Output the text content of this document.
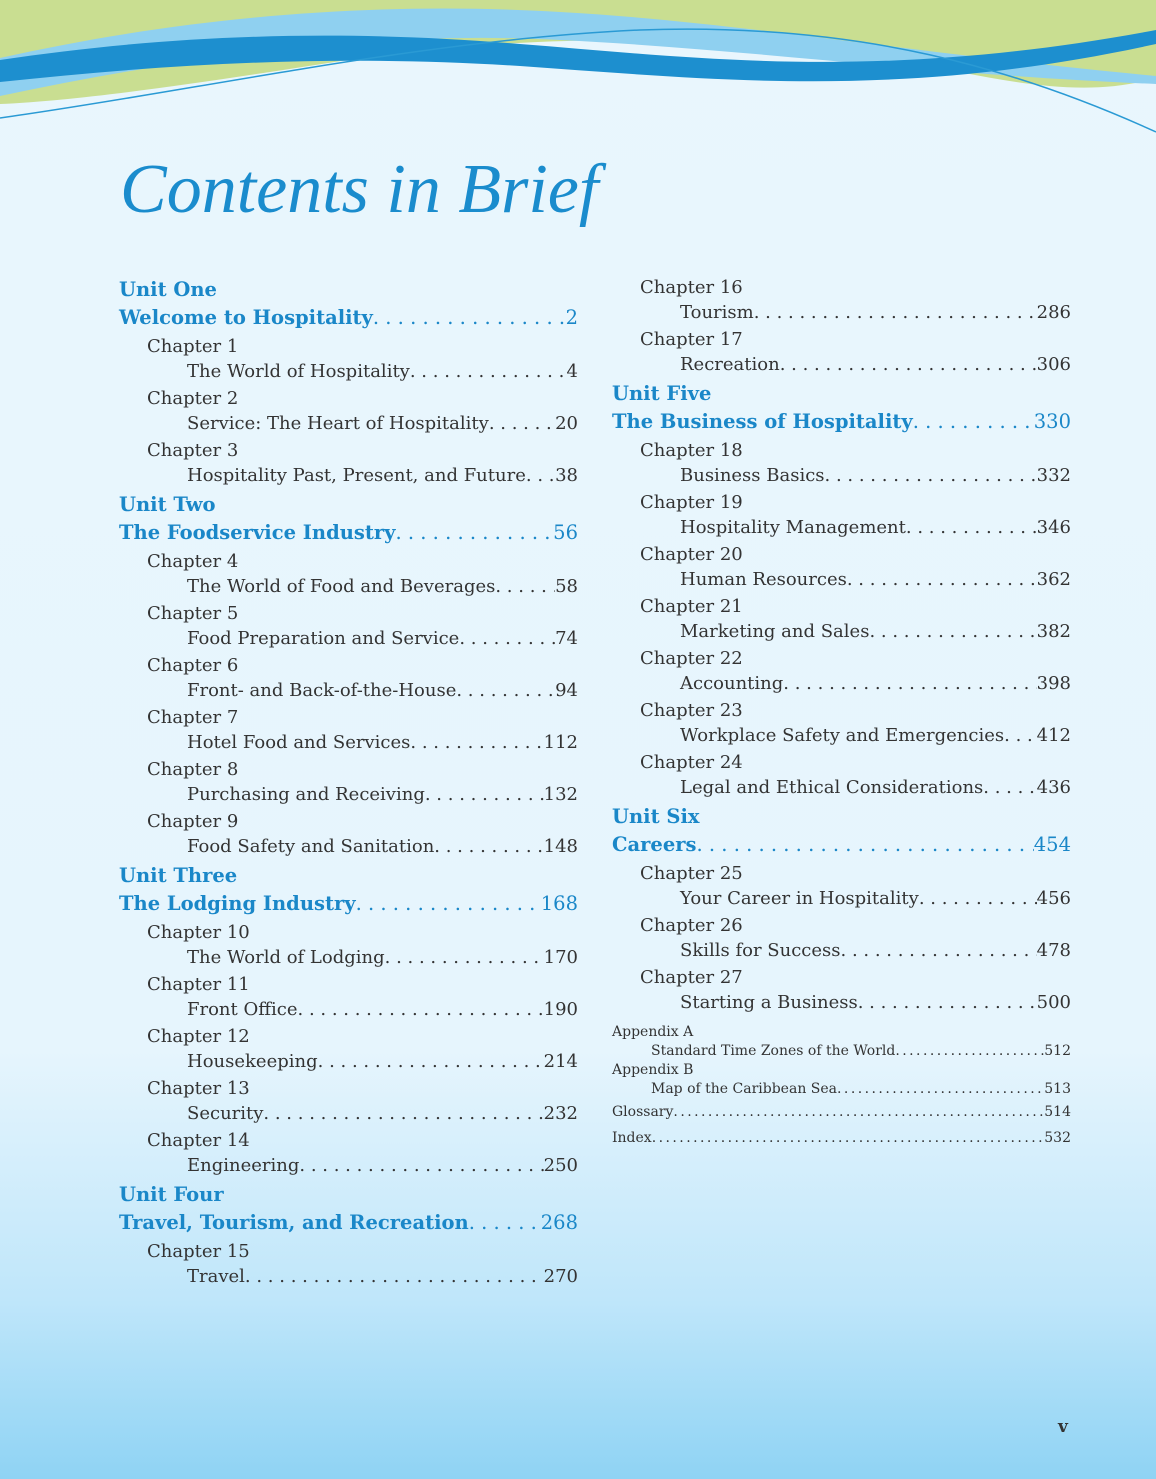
Contents in Brief
Unit One
Welcome to Hospitality . . .	2
Chapter 1
The World of Hospitality . . .	4
Chapter 2
Service: The Heart of Hospitality . . .	20
Chapter 3
Hospitality Past, Present, and Future . . . 38
Unit Two
The Foodservice Industry . . .	56
Chapter 4
The World of Food and Beverages . . .	58
Chapter 5
Food Preparation and Service . . .	74
Chapter 6
Front- and Back-of-the-House . . .	94
Chapter 7
Hotel Food and Services . . .	112
Chapter 8
Purchasing and Receiving . . .	132
Chapter 9
Food Safety and Sanitation . . .	148
Unit Three
The Lodging Industry . . .	168
Chapter 10
The World of Lodging . . .	170
Chapter 11
Front Office . . .	190
Chapter 12
Housekeeping . . .	214
Chapter 13
Security . . .	232
Chapter 14
Engineering . . .	250
Unit Four
Travel, Tourism, and Recreation . . .	268
Chapter 15
Travel . . .	270
Chapter 16
Tourism . . .	286
Chapter 17
Recreation . . .	306
Unit Five
The Business of Hospitality . . .	330
Chapter 18
Business Basics . . .	332
Chapter 19
Hospitality Management . . .	346
Chapter 20
Human Resources . . .	362
Chapter 21
Marketing and Sales . . .	382
Chapter 22
Accounting . . .	398
Chapter 23
Workplace Safety and Emergencies . . . 412
Chapter 24
Legal and Ethical Considerations . . .	436
Unit Six
Careers . . .	454
Chapter 25
Your Career in Hospitality . . .	456
Chapter 26
Skills for Success . . .	478
Chapter 27
Starting a Business . . .	500
Appendix A
Standard Time Zones of the World . . .	512
Appendix B
Map of the Caribbean Sea . . .	513
Glossary . . .	514
Index . . .	532
v
